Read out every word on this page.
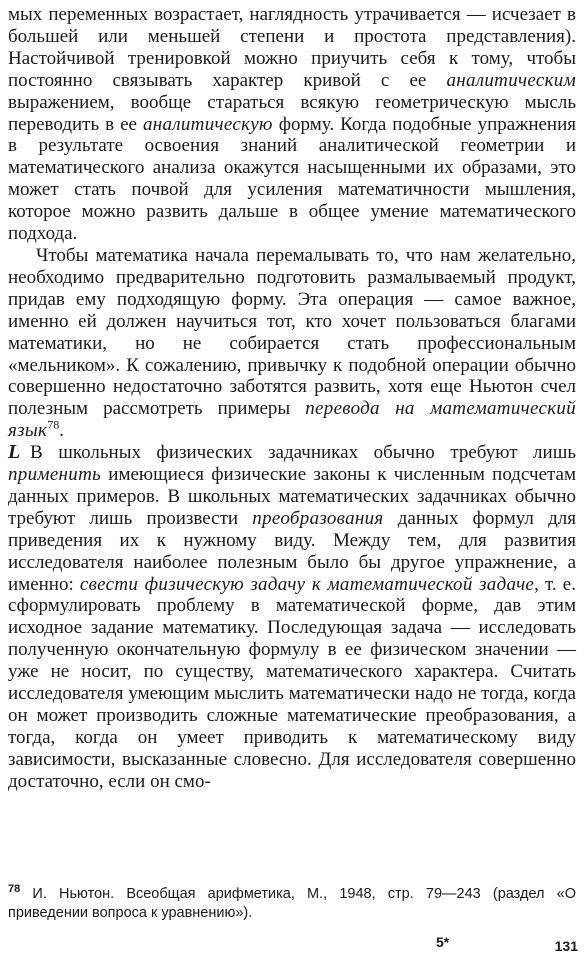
мых переменных возрастает, наглядность утрачивается — исчезает в большей или меньшей степени и простота представления). Настойчивой тренировкой можно приучить себя к тому, чтобы постоянно связывать характер кривой с ее аналитическим выражением, вообще стараться всякую геометрическую мысль переводить в ее аналитическую форму. Когда подобные упражнения в результате освоения знаний аналитической геометрии и математического анализа окажутся насыщенными их образами, это может стать почвой для усиления математичности мышления, которое можно развить дальше в общее умение математического подхода.

Чтобы математика начала перемалывать то, что нам желательно, необходимо предварительно подготовить размалываемый продукт, придав ему подходящую форму. Эта операция — самое важное, именно ей должен научиться тот, кто хочет пользоваться благами математики, но не собирается стать профессиональным «мельником». К сожалению, привычку к подобной операции обычно совершенно недостаточно заботятся развить, хотя еще Ньютон счел полезным рассмотреть примеры перевода на математический язык$^{78}$.

L В школьных физических задачниках обычно требуют лишь применить имеющиеся физические законы к численным подсчетам данных примеров. В школьных математических задачниках обычно требуют лишь произвести преобразования данных формул для приведения их к нужному виду. Между тем, для развития исследователя наиболее полезным было бы другое упражнение, а именно: свести физическую задачу к математической задаче, т. е. сформулировать проблему в математической форме, дав этим исходное задание математику. Последующая задача — исследовать полученную окончательную формулу в ее физическом значении — уже не носит, по существу, математического характера. Считать исследователя умеющим мыслить математически надо не тогда, когда он может производить сложные математические преобразования, а тогда, когда он умеет приводить к математическому виду зависимости, высказанные словесно. Для исследователя совершенно достаточно, если он смо-

$^{78}$ И. Ньютон. Всеобщая арифметика, М., 1948, стр. 79—243 (раздел «О приведении вопроса к уравнению»).
5*	131
